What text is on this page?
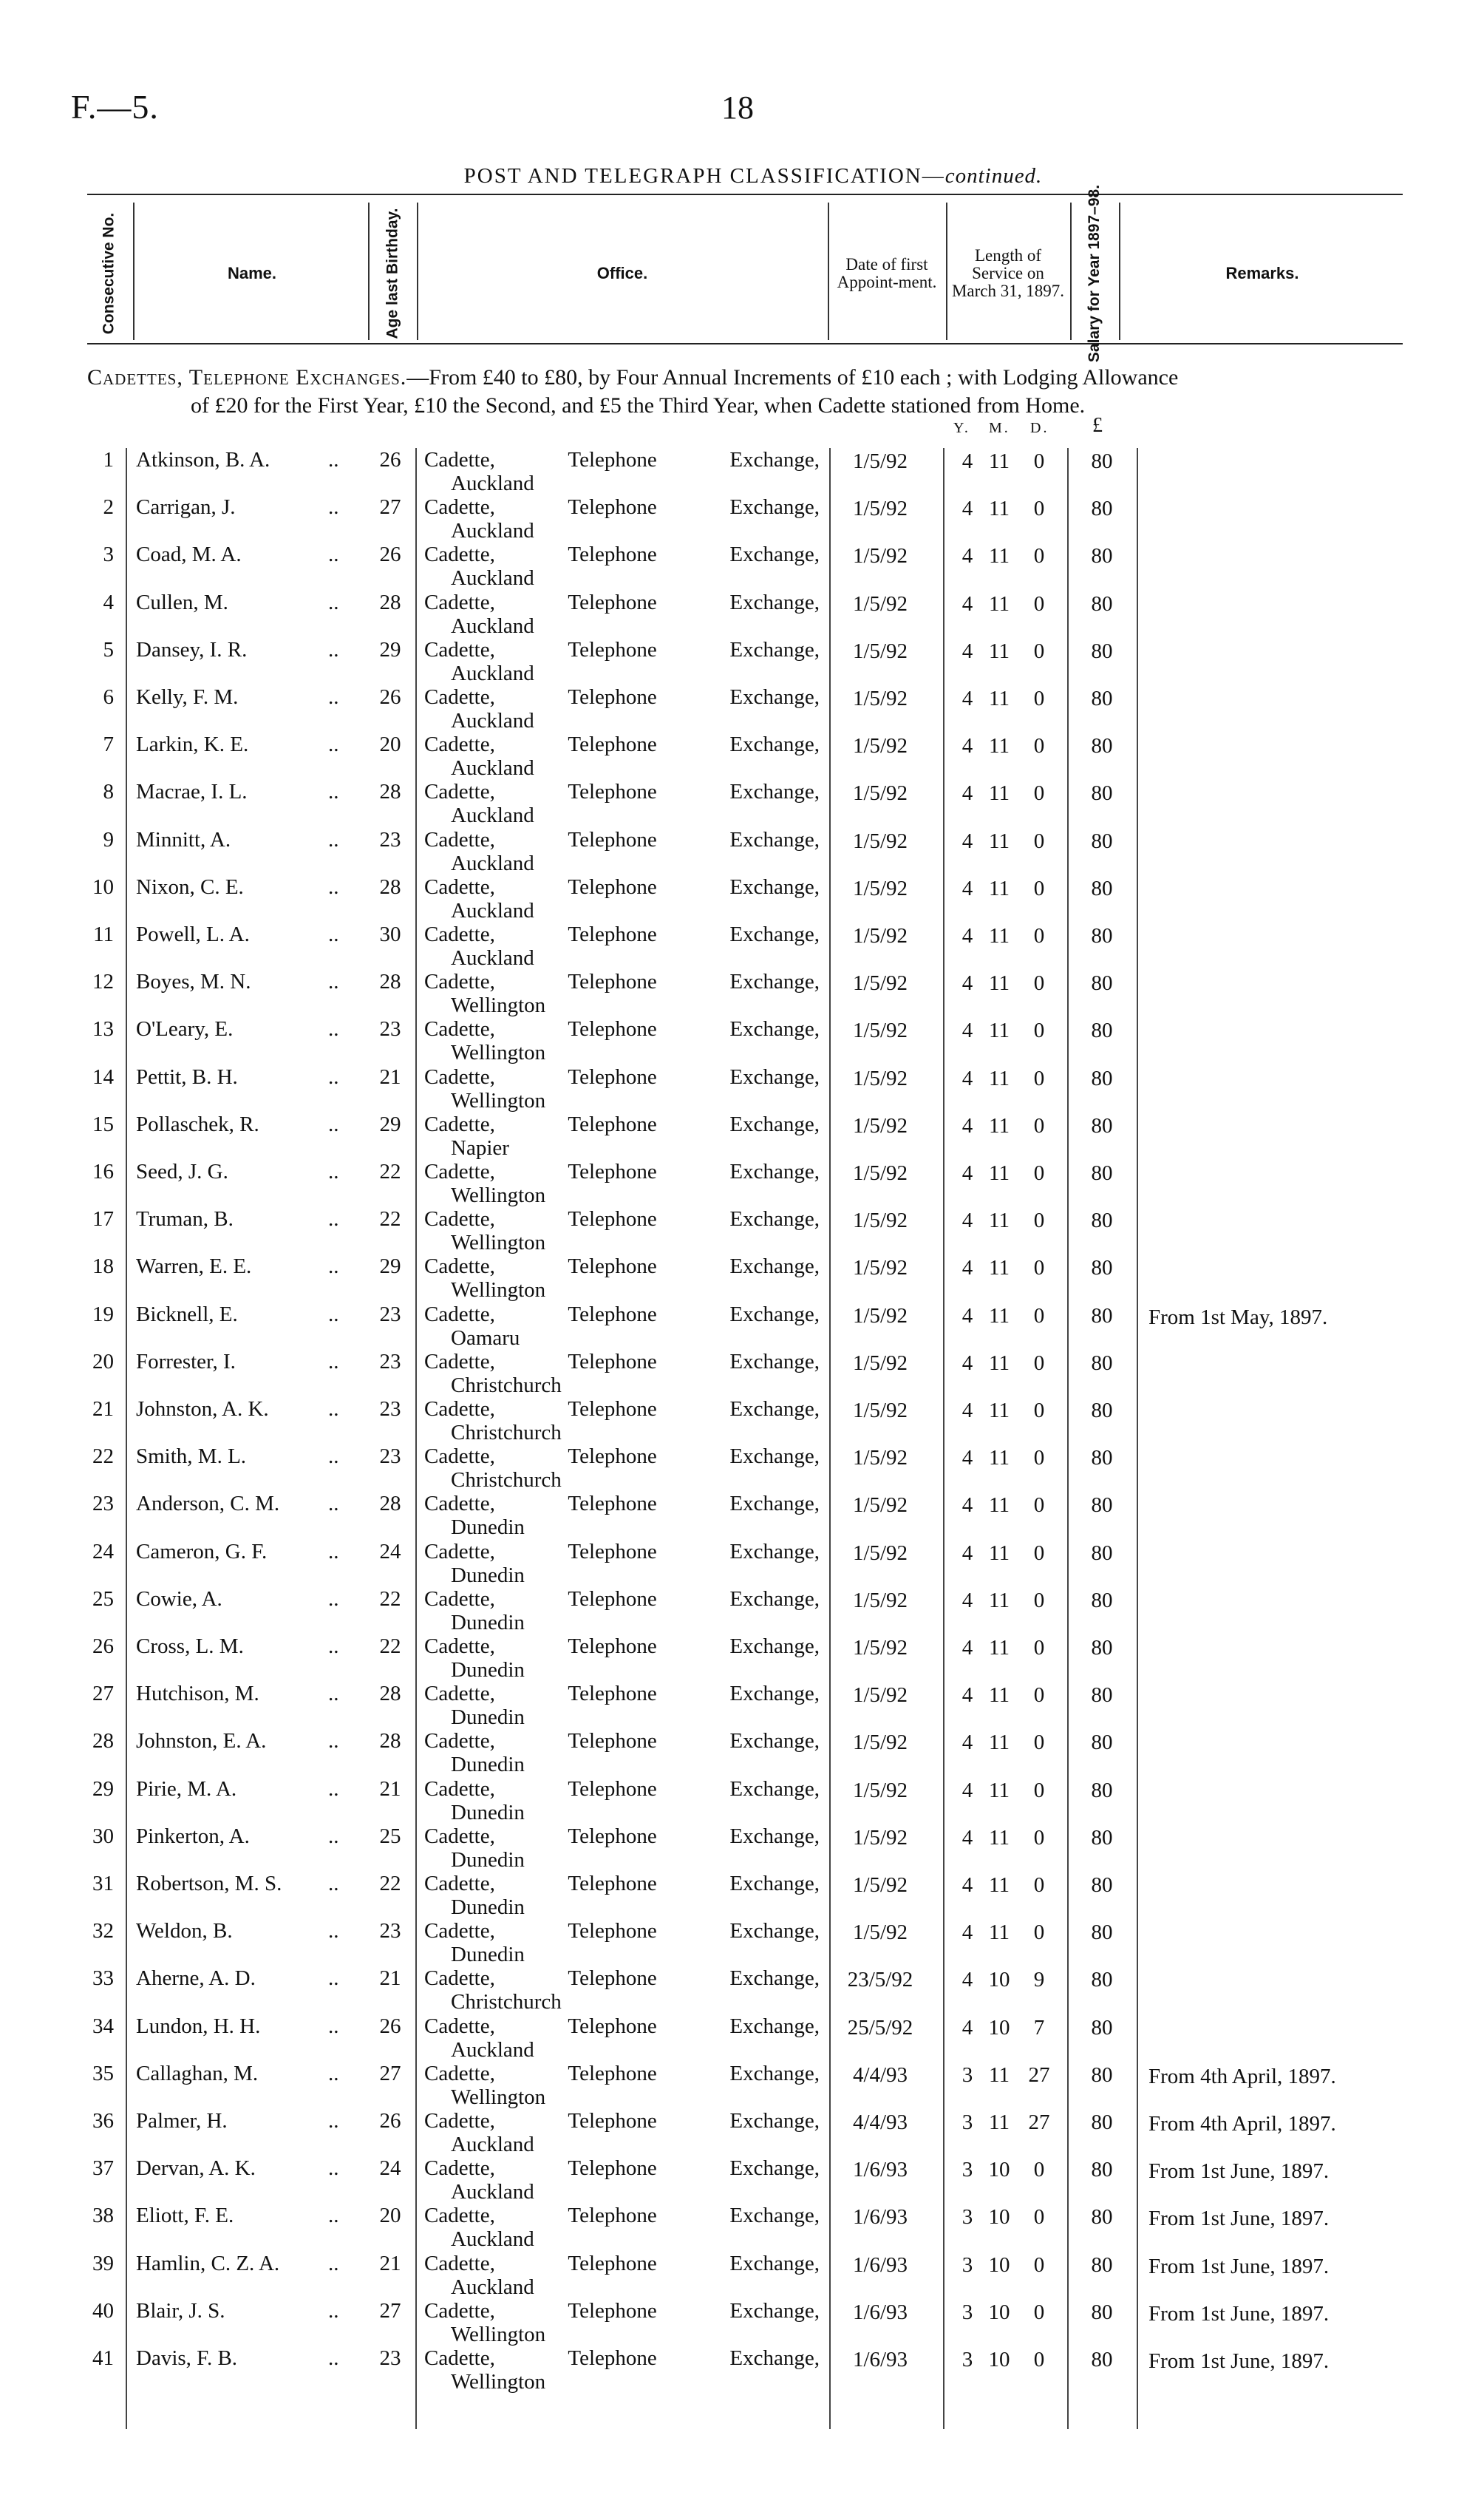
F.—5.	18
POST AND TELEGRAPH CLASSIFICATION—continued.
Consecutive No.	Name.	Age last Birthday.	Office.
Date of first Appoint-ment.
Length of Service on March 31, 1897. Salary for Year 1897–98.	Remarks.
Cadettes, Telephone Exchanges.—From £40 to £80, by Four Annual Increments of £10 each ; with Lodging Allowance
of £20 for the First Year, £10 the Second, and £5 the Third Year, when Cadette stationed from Home.
Y. M. D. £
1 Atkinson, B. A.	..	26	Cadette,	Telephone	Exchange,
Auckland
1/5/92	4 11	0	80
2 Carrigan, J.	..	27	Cadette,	Telephone	Exchange,
Auckland
1/5/92	4 11	0	80
3 Coad, M. A.	..	26	Cadette,	Telephone	Exchange,
Auckland
1/5/92	4 11	0	80
4 Cullen, M.	..	28	Cadette,	Telephone	Exchange,
Auckland
1/5/92	4 11	0	80
5 Dansey, I. R.	..	29	Cadette,	Telephone	Exchange,
Auckland
1/5/92	4 11	0	80
6 Kelly, F. M.	..	26	Cadette,	Telephone	Exchange,
Auckland
1/5/92	4 11	0	80
7 Larkin, K. E.	..	20	Cadette,	Telephone	Exchange,
Auckland
1/5/92	4 11	0	80
8 Macrae, I. L.	..	28	Cadette,	Telephone	Exchange,
Auckland
1/5/92	4 11	0	80
9 Minnitt, A.	..	23	Cadette,	Telephone	Exchange,
Auckland
1/5/92	4 11	0	80
10 Nixon, C. E.	..	28	Cadette,	Telephone	Exchange,
Auckland
1/5/92	4 11	0	80
11 Powell, L. A.	..	30	Cadette,	Telephone	Exchange,
Auckland
1/5/92	4 11	0	80
12 Boyes, M. N.	..	28	Cadette,	Telephone	Exchange,
Wellington
1/5/92	4 11	0	80
13 O'Leary, E.	..	23	Cadette,	Telephone	Exchange,
Wellington
1/5/92	4 11	0	80
14 Pettit, B. H.	..	21	Cadette,	Telephone	Exchange,
Wellington
1/5/92	4 11	0	80
15 Pollaschek, R.	..	29	Cadette,	Telephone	Exchange,
Napier
1/5/92	4 11	0	80
16 Seed, J. G.	..	22	Cadette,	Telephone	Exchange,
Wellington
1/5/92	4 11	0	80
17 Truman, B.	..	22	Cadette,	Telephone	Exchange,
Wellington
1/5/92	4 11	0	80
18 Warren, E. E.	..	29	Cadette,	Telephone	Exchange,
Wellington
1/5/92	4 11	0	80
19 Bicknell, E.	..	23	Cadette,	Telephone	Exchange,
Oamaru
1/5/92	4 11	0	80	From 1st May, 1897.
20 Forrester, I.	..	23	Cadette,	Telephone	Exchange,
Christchurch
1/5/92	4 11	0	80
21 Johnston, A. K.	..	23	Cadette,	Telephone	Exchange,
Christchurch
1/5/92	4 11	0	80
22 Smith, M. L.	..	23	Cadette,	Telephone	Exchange,
Christchurch
1/5/92	4 11	0	80
23 Anderson, C. M.	..	28	Cadette,	Telephone	Exchange,
Dunedin
1/5/92	4 11	0	80
24 Cameron, G. F.	..	24	Cadette,	Telephone	Exchange,
Dunedin
1/5/92	4 11	0	80
25 Cowie, A.	..	22	Cadette,	Telephone	Exchange,
Dunedin
1/5/92	4 11	0	80
26 Cross, L. M.	..	22	Cadette,	Telephone	Exchange,
Dunedin
1/5/92	4 11	0	80
27 Hutchison, M.	..	28	Cadette,	Telephone	Exchange,
Dunedin
1/5/92	4 11	0	80
28 Johnston, E. A.	..	28	Cadette,	Telephone	Exchange,
Dunedin
1/5/92	4 11	0	80
29 Pirie, M. A.	..	21	Cadette,	Telephone	Exchange,
Dunedin
1/5/92	4 11	0	80
30 Pinkerton, A.	..	25	Cadette,	Telephone	Exchange,
Dunedin
1/5/92	4 11	0	80
31 Robertson, M. S.	..	22	Cadette,	Telephone	Exchange,
Dunedin
1/5/92	4 11	0	80
32 Weldon, B.	..	23	Cadette,	Telephone	Exchange,
Dunedin
1/5/92	4 11	0	80
33 Aherne, A. D.	..	21	Cadette,	Telephone	Exchange,
Christchurch
23/5/92	4 10	9	80
34 Lundon, H. H.	..	26	Cadette,	Telephone	Exchange,
Auckland
25/5/92	4 10	7	80
35 Callaghan, M.	..	27	Cadette,	Telephone	Exchange,
Wellington
4/4/93	3 11 27	80	From 4th April, 1897.
36 Palmer, H.	..	26	Cadette,	Telephone	Exchange,
Auckland
4/4/93	3 11 27	80	From 4th April, 1897.
37 Dervan, A. K.	..	24	Cadette,	Telephone	Exchange,
Auckland
1/6/93	3 10	0	80	From 1st June, 1897.
38 Eliott, F. E.	..	20	Cadette,	Telephone	Exchange,
Auckland
1/6/93	3 10	0	80	From 1st June, 1897.
39 Hamlin, C. Z. A.	..	21	Cadette,	Telephone	Exchange,
Auckland
1/6/93	3 10	0	80	From 1st June, 1897.
40 Blair, J. S.	..	27	Cadette,	Telephone	Exchange,
Wellington
1/6/93	3 10	0	80	From 1st June, 1897.
41 Davis, F. B.	..	23	Cadette,	Telephone	Exchange,
Wellington
1/6/93	3 10	0	80	From 1st June, 1897.
